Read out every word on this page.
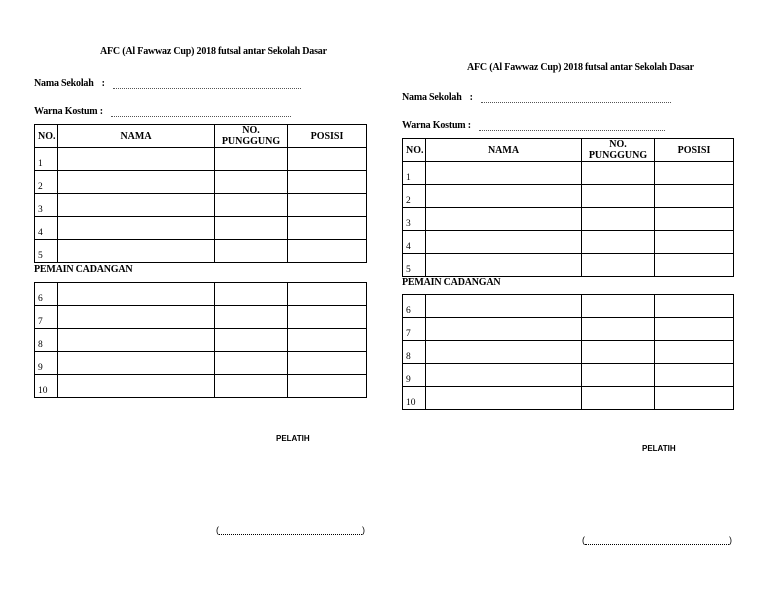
AFC (Al Fawwaz Cup) 2018 futsal antar Sekolah Dasar
Nama Sekolah :
Warna Kostum :
NO.	NAMA	NO. PUNGGUNG	POSISI
1			
2			
3			
4			
5			
PEMAIN CADANGAN
6			
7			
8			
9			
10			
PELATIH
(	)
AFC (Al Fawwaz Cup) 2018 futsal antar Sekolah Dasar
Nama Sekolah :
Warna Kostum :
NO.	NAMA	NO. PUNGGUNG	POSISI
1			
2			
3			
4			
5			
PEMAIN CADANGAN
6			
7			
8			
9			
10			
PELATIH
(	)
